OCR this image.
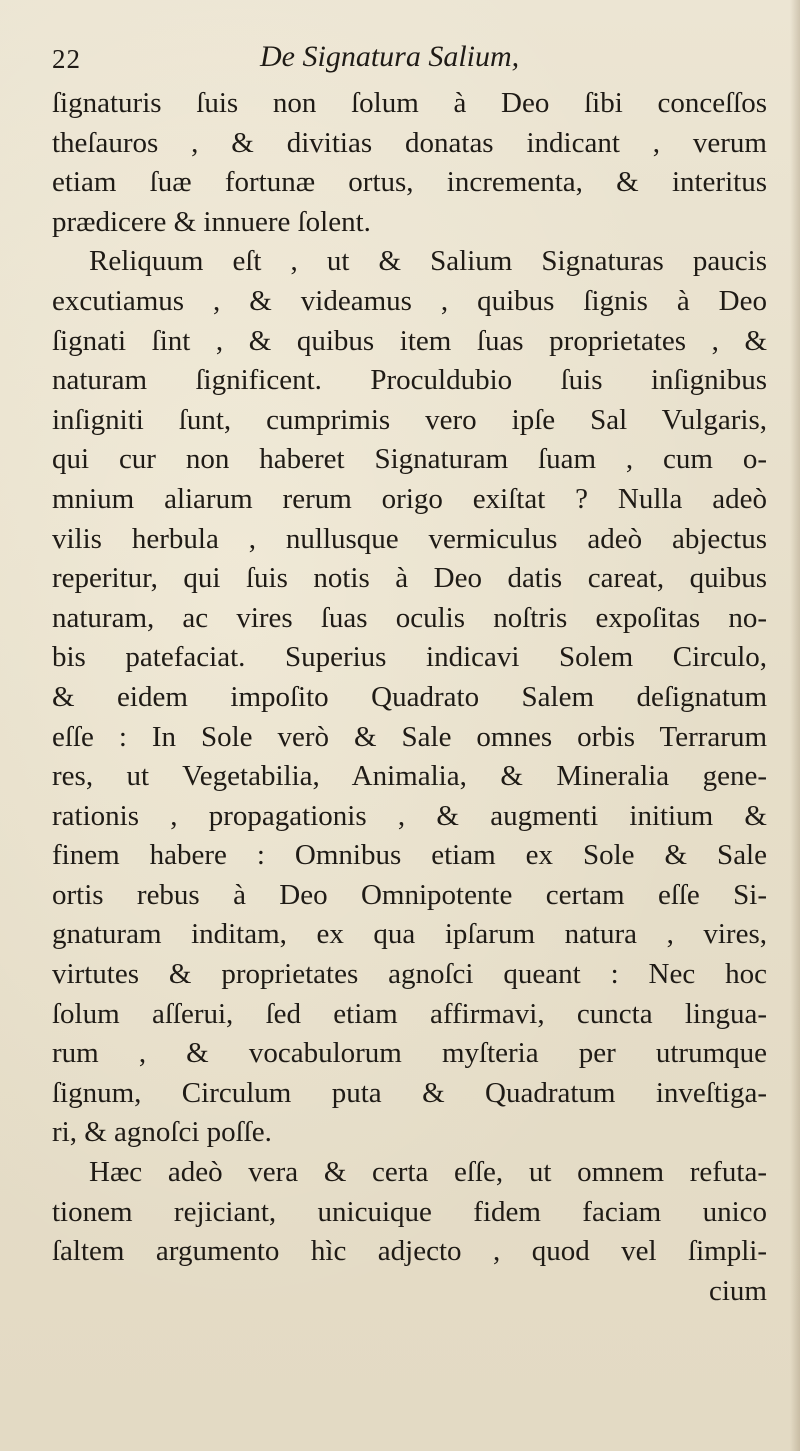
22	De Signatura Salium,
ſignaturis ſuis non ſolum à Deo ſibi conceſſos
theſauros , & divitias donatas indicant , verum
etiam ſuæ fortunæ ortus, incrementa, & interitus
prædicere & innuere ſolent.
Reliquum eſt , ut & Salium Signaturas paucis
excutiamus , & videamus , quibus ſignis à Deo
ſignati ſint , & quibus item ſuas proprietates , &
naturam ſignificent. Proculdubio ſuis inſignibus
inſigniti ſunt, cumprimis vero ipſe Sal Vulgaris,
qui cur non haberet Signaturam ſuam , cum o-
mnium aliarum rerum origo exiſtat ? Nulla adeò
vilis herbula , nullusque vermiculus adeò abjectus
reperitur, qui ſuis notis à Deo datis careat, quibus
naturam, ac vires ſuas oculis noſtris expoſitas no-
bis patefaciat. Superius indicavi Solem Circulo,
& eidem impoſito Quadrato Salem deſignatum
eſſe : In Sole verò & Sale omnes orbis Terrarum
res, ut Vegetabilia, Animalia, & Mineralia gene-
rationis , propagationis , & augmenti initium &
finem habere : Omnibus etiam ex Sole & Sale
ortis rebus à Deo Omnipotente certam eſſe Si-
gnaturam inditam, ex qua ipſarum natura , vires,
virtutes & proprietates agnoſci queant : Nec hoc
ſolum aſſerui, ſed etiam affirmavi, cuncta lingua-
rum , & vocabulorum myſteria per utrumque
ſignum, Circulum puta & Quadratum inveſtiga-
ri, & agnoſci poſſe.
Hæc adeò vera & certa eſſe, ut omnem refuta-
tionem rejiciant, unicuique fidem faciam unico
ſaltem argumento hìc adjecto , quod vel ſimpli-
cium
